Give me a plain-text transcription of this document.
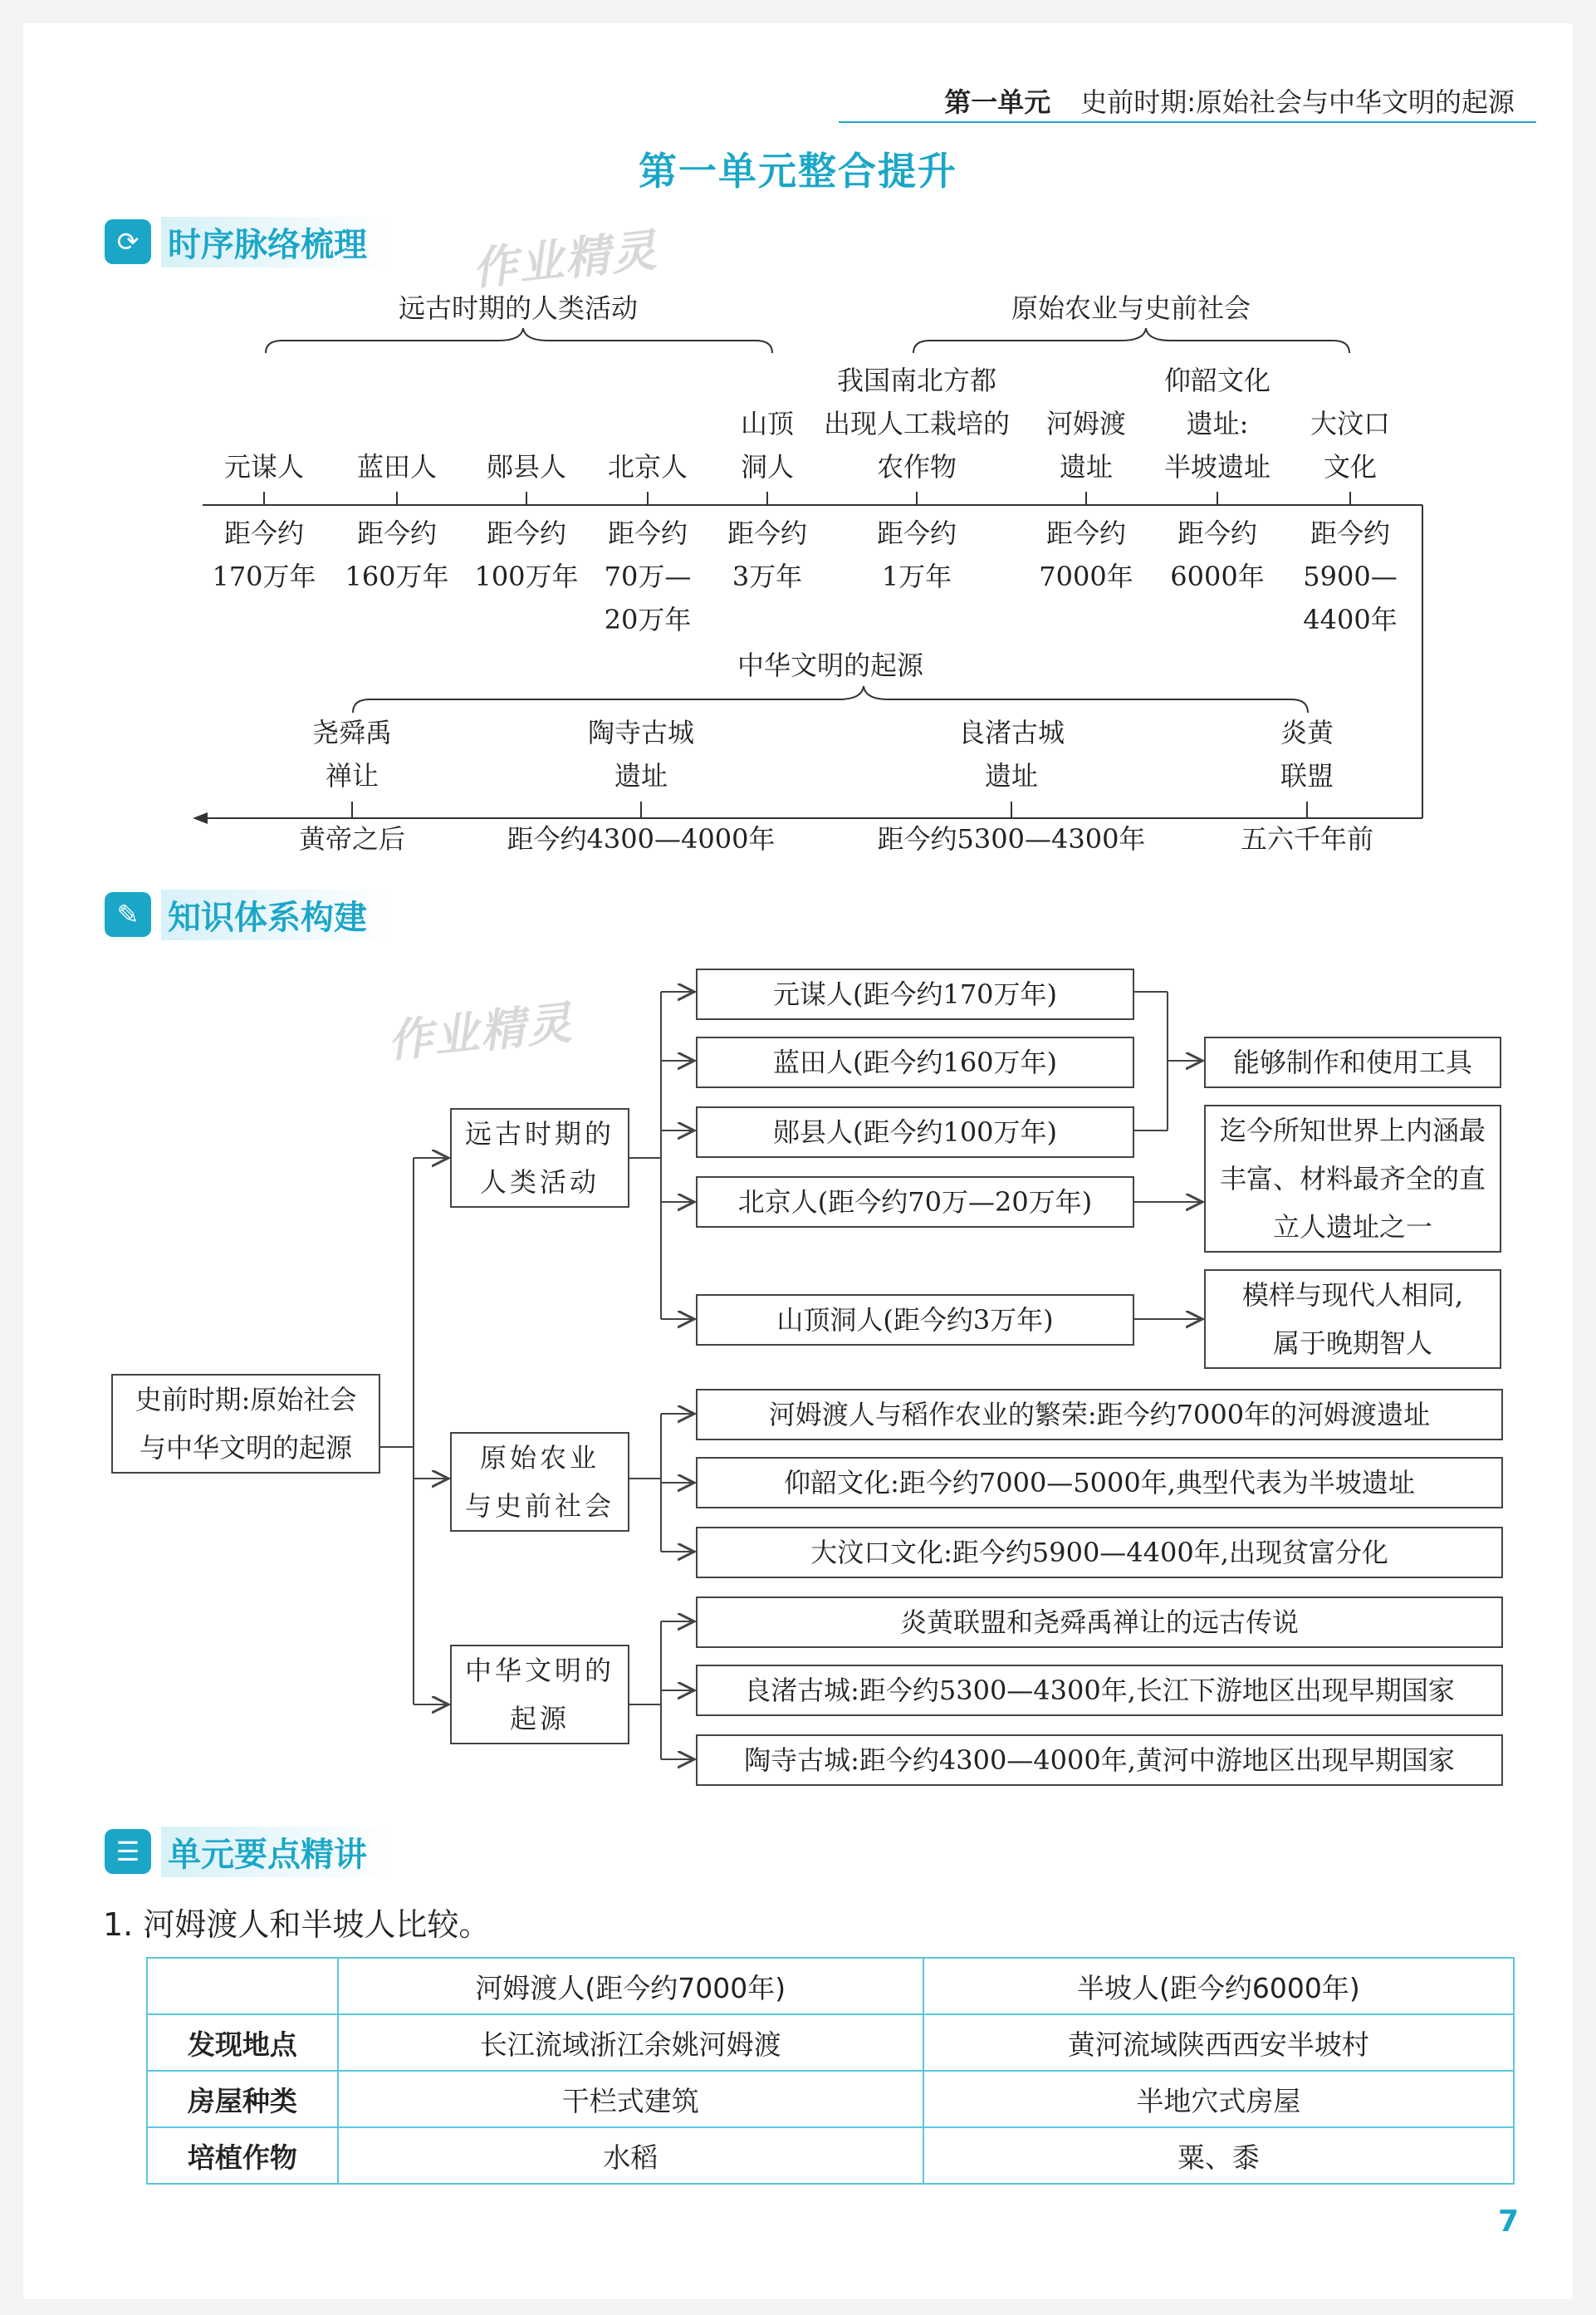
第一单元 史前时期:原始社会与中华文明的起源
第一单元整合提升
⟳ 时序脉络梳理	作业精灵
元谋人
距今约
170万年
蓝田人
距今约
160万年
郧县人
距今约
100万年
北京人
距今约
70万—
20万年
山顶
洞人
距今约
3万年
我国南北方都
出现人工栽培的
农作物
距今约
1万年
河姆渡
遗址
距今约
7000年
仰韶文化
遗址:
半坡遗址
距今约
6000年
大汶口
文化
距今约
5900—
4400年
尧舜禹
禅让
黄帝之后
陶寺古城
遗址
距今约4300—4000年
良渚古城
遗址
距今约5300—4300年
炎黄
联盟
五六千年前
远古时期的人类活动	原始农业与史前社会
中华文明的起源
✎ 知识体系构建
作业精灵
史前时期:原始社会
与中华文明的起源
远古时期的
人类活动
原始农业
与史前社会
中华文明的
起源
元谋人(距今约170万年)
蓝田人(距今约160万年)
郧县人(距今约100万年)
北京人(距今约70万—20万年)
山顶洞人(距今约3万年)
能够制作和使用工具
迄今所知世界上内涵最
丰富、材料最齐全的直
立人遗址之一
模样与现代人相同,
属于晚期智人
河姆渡人与稻作农业的繁荣:距今约7000年的河姆渡遗址
仰韶文化:距今约7000—5000年,典型代表为半坡遗址
大汶口文化:距今约5900—4400年,出现贫富分化
炎黄联盟和尧舜禹禅让的远古传说
良渚古城:距今约5300—4300年,长江下游地区出现早期国家
陶寺古城:距今约4300—4000年,黄河中游地区出现早期国家
☰ 单元要点精讲
1. 河姆渡人和半坡人比较。
	河姆渡人(距今约7000年)	半坡人(距今约6000年)
发现地点	长江流域浙江余姚河姆渡	黄河流域陕西西安半坡村
房屋种类	干栏式建筑	半地穴式房屋
培植作物	水稻	粟、黍
7
